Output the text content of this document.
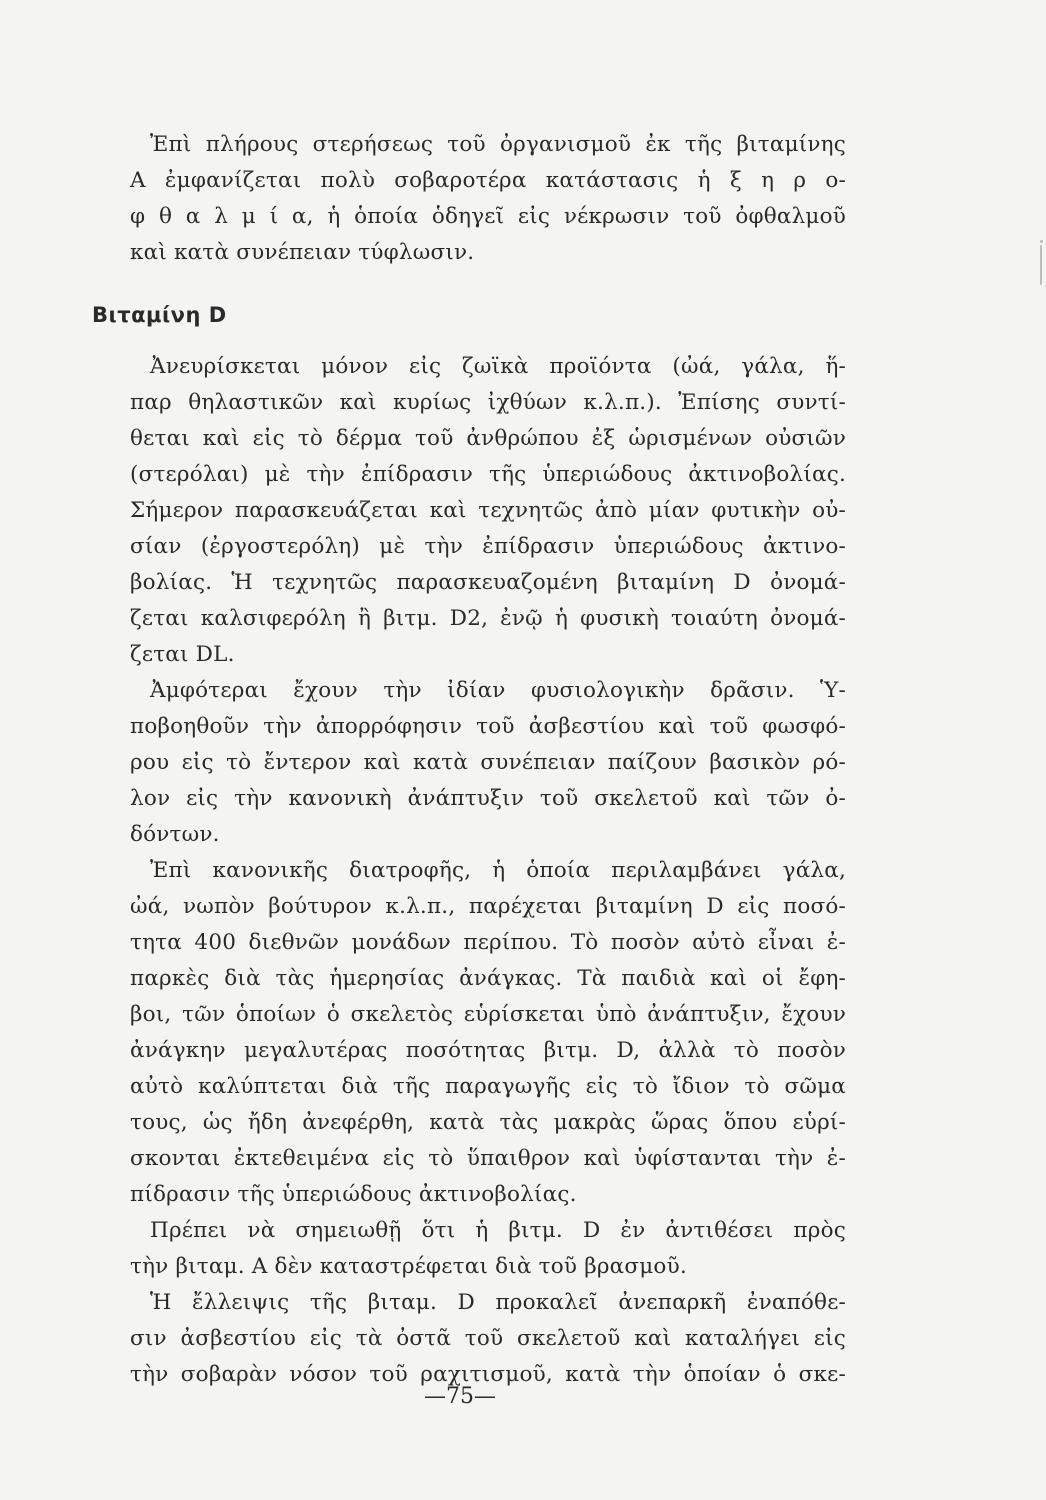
Ἐπὶ πλήρους στερήσεως τοῦ ὀργανισμοῦ ἐκ τῆς βιταμίνης
Α ἐμφανίζεται πολὺ σοβαροτέρα κατάστασις ἡ ξ η ρ ο-
φ θ α λ μ ί α, ἡ ὁποία ὁδηγεῖ εἰς νέκρωσιν τοῦ ὀφθαλμοῦ
καὶ κατὰ συνέπειαν τύφλωσιν.
Βιταμίνη D
Ἀνευρίσκεται μόνον εἰς ζωϊκὰ προϊόντα (ὠά, γάλα, ἥ-
παρ θηλαστικῶν καὶ κυρίως ἰχθύων κ.λ.π.). Ἐπίσης συντί-
θεται καὶ εἰς τὸ δέρμα τοῦ ἀνθρώπου ἐξ ὡρισμένων οὐσιῶν
(στερόλαι) μὲ τὴν ἐπίδρασιν τῆς ὑπεριώδους ἀκτινοβολίας.
Σήμερον παρασκευάζεται καὶ τεχνητῶς ἀπὸ μίαν φυτικὴν οὐ-
σίαν (ἐργοστερόλη) μὲ τὴν ἐπίδρασιν ὑπεριώδους ἀκτινο-
βολίας. Ἡ τεχνητῶς παρασκευαζομένη βιταμίνη D ὀνομά-
ζεται καλσιφερόλη ἢ βιτμ. D2, ἐνῷ ἡ φυσικὴ τοιαύτη ὀνομά-
ζεται DL.
Ἀμφότεραι ἔχουν τὴν ἰδίαν φυσιολογικὴν δρᾶσιν. Ὑ-
ποβοηθοῦν τὴν ἀπορρόφησιν τοῦ ἀσβεστίου καὶ τοῦ φωσφό-
ρου εἰς τὸ ἔντερον καὶ κατὰ συνέπειαν παίζουν βασικὸν ρό-
λον εἰς τὴν κανονικὴ ἀνάπτυξιν τοῦ σκελετοῦ καὶ τῶν ὀ-
δόντων.
Ἐπὶ κανονικῆς διατροφῆς, ἡ ὁποία περιλαμβάνει γάλα,
ὠά, νωπὸν βούτυρον κ.λ.π., παρέχεται βιταμίνη D εἰς ποσό-
τητα 400 διεθνῶν μονάδων περίπου. Τὸ ποσὸν αὐτὸ εἶναι ἐ-
παρκὲς διὰ τὰς ἡμερησίας ἀνάγκας. Τὰ παιδιὰ καὶ οἱ ἔφη-
βοι, τῶν ὁποίων ὁ σκελετὸς εὑρίσκεται ὑπὸ ἀνάπτυξιν, ἔχουν
ἀνάγκην μεγαλυτέρας ποσότητας βιτμ. D, ἀλλὰ τὸ ποσὸν
αὐτὸ καλύπτεται διὰ τῆς παραγωγῆς εἰς τὸ ἴδιον τὸ σῶμα
τους, ὡς ἤδη ἀνεφέρθη, κατὰ τὰς μακρὰς ὥρας ὅπου εὑρί-
σκονται ἐκτεθειμένα εἰς τὸ ὕπαιθρον καὶ ὑφίστανται τὴν ἐ-
πίδρασιν τῆς ὑπεριώδους ἀκτινοβολίας.
Πρέπει νὰ σημειωθῇ ὅτι ἡ βιτμ. D ἐν ἀντιθέσει πρὸς
τὴν βιταμ. Α δὲν καταστρέφεται διὰ τοῦ βρασμοῦ.
Ἡ ἔλλειψις τῆς βιταμ. D προκαλεῖ ἀνεπαρκῆ ἐναπόθε-
σιν ἀσβεστίου εἰς τὰ ὀστᾶ τοῦ σκελετοῦ καὶ καταλήγει εἰς
τὴν σοβαρὰν νόσον τοῦ ραχιτισμοῦ, κατὰ τὴν ὁποίαν ὁ σκε-
—75—
